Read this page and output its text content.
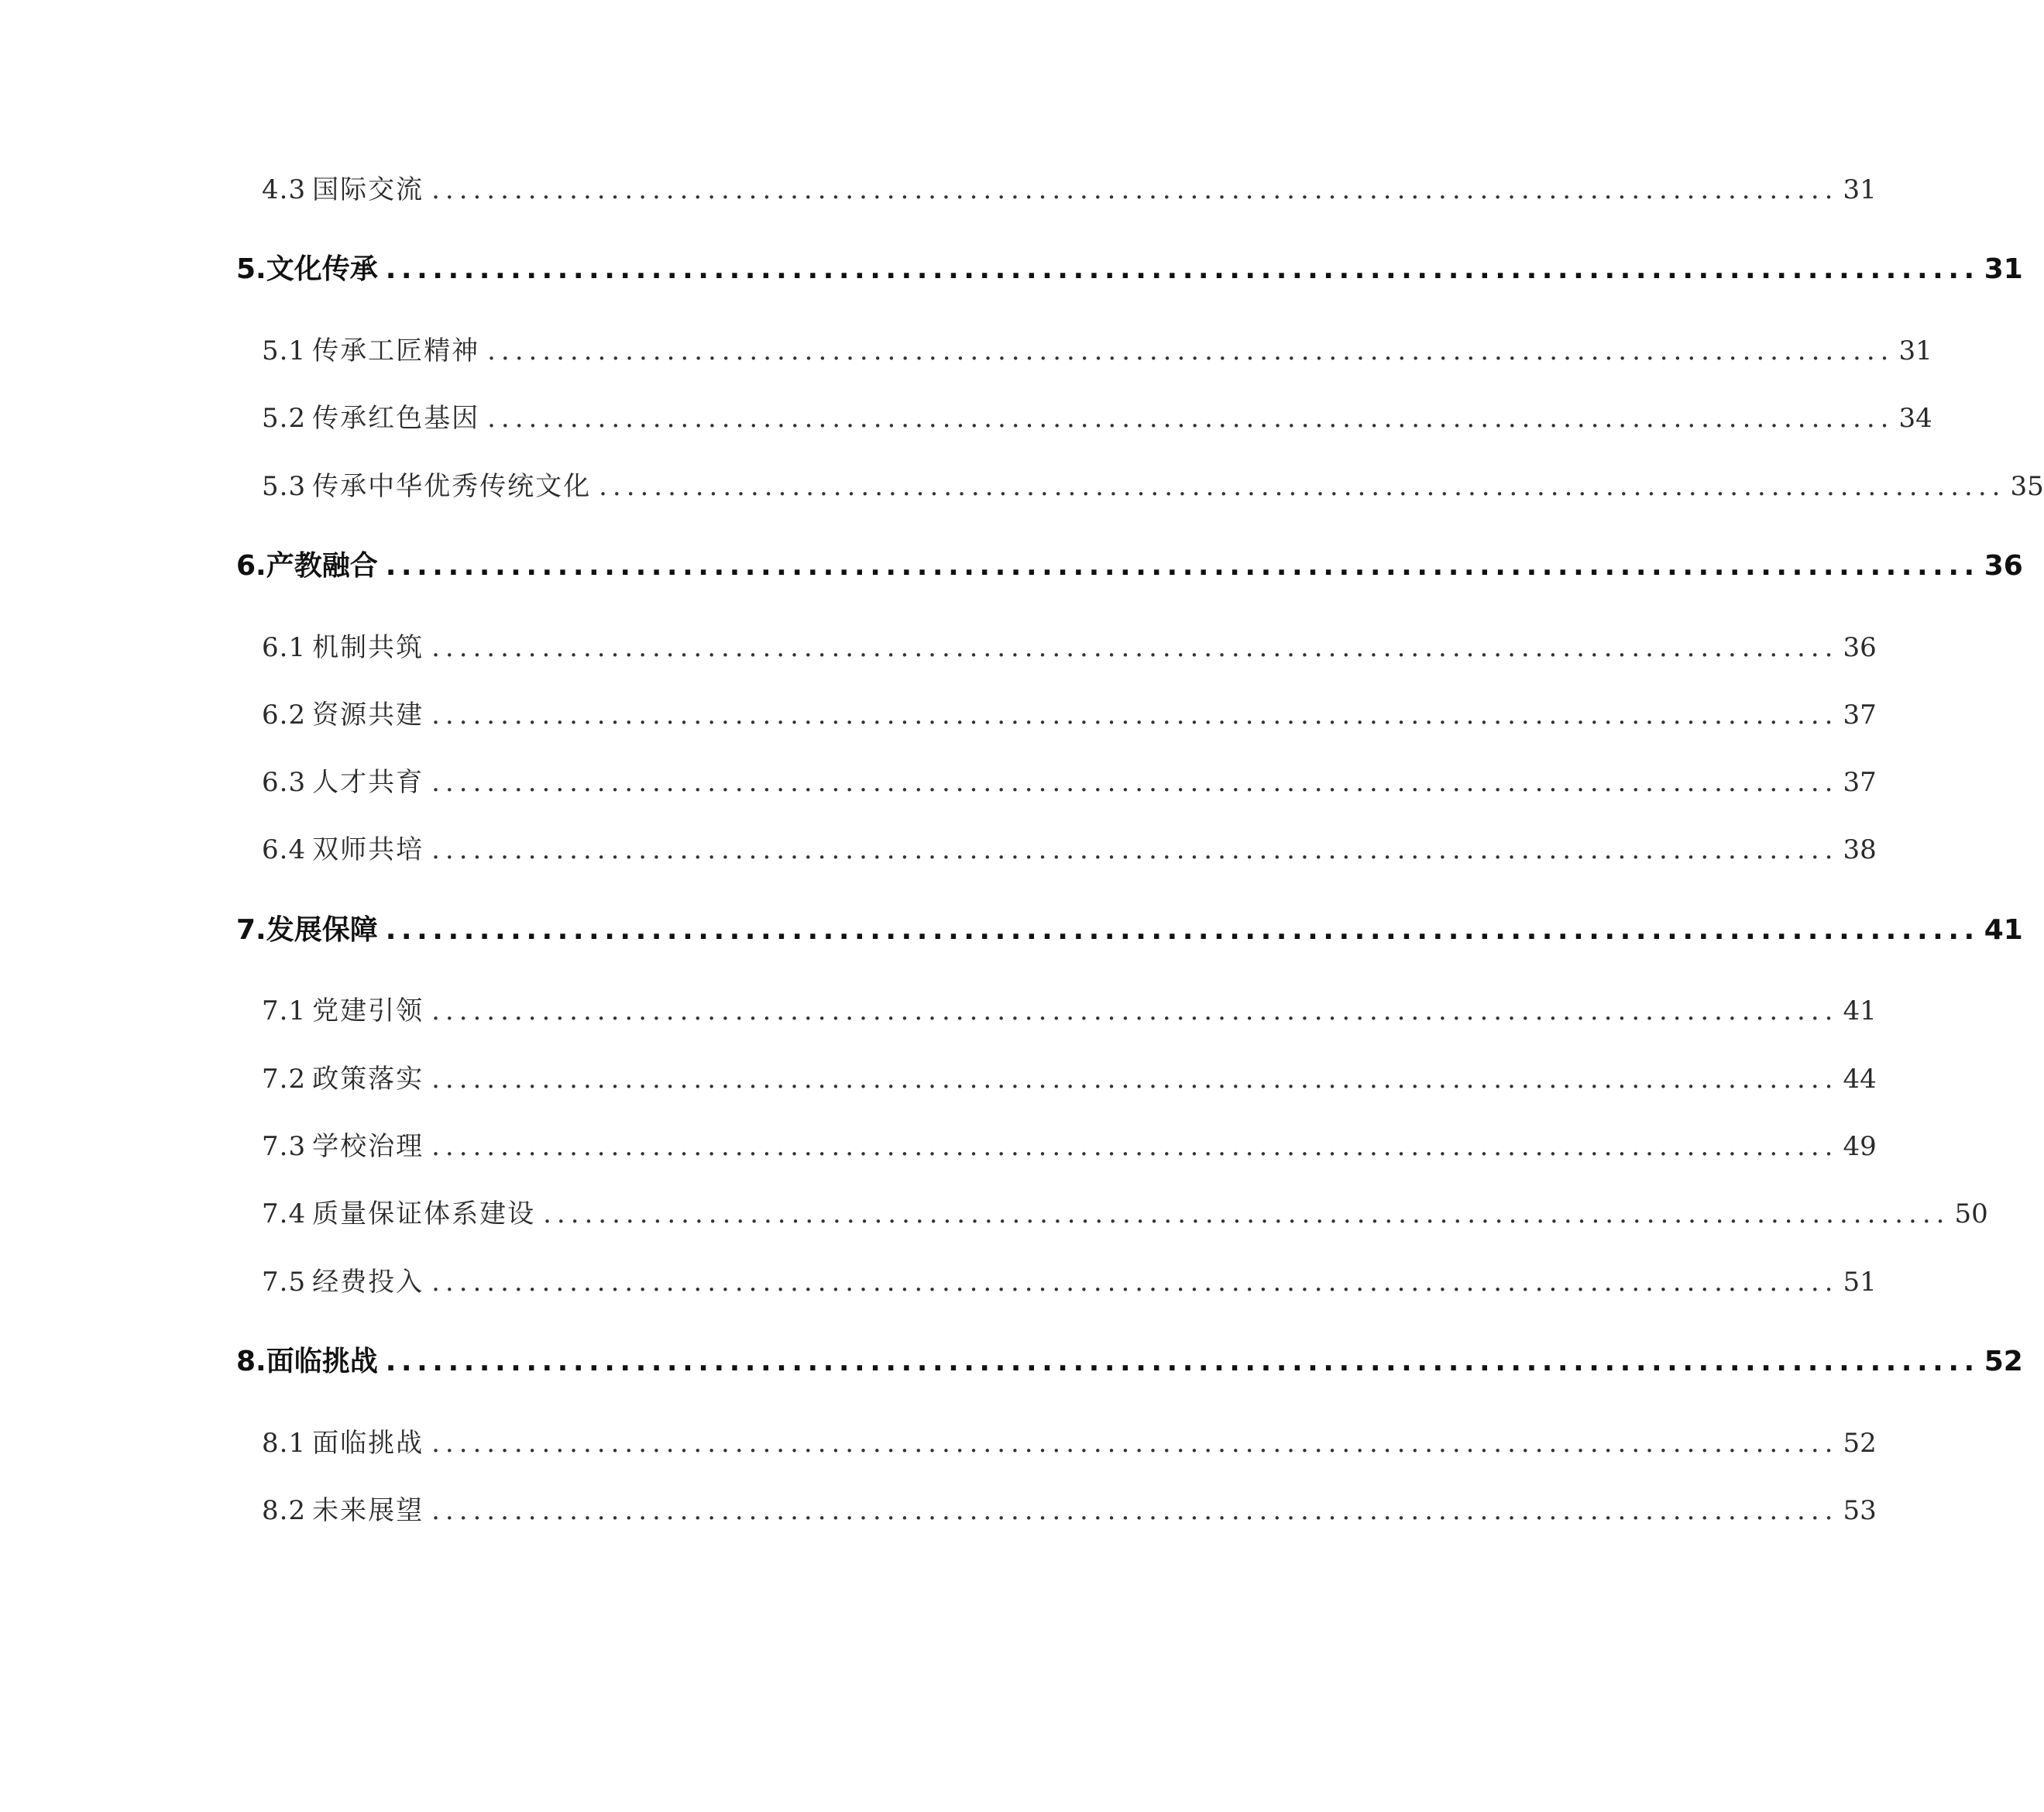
4.3 国际交流 ...................................................................................................... 31
5. 文化传承 ...................................................................................................... 31
5.1 传承工匠精神 ...................................................................................................... 31
5.2 传承红色基因 ...................................................................................................... 34
5.3 传承中华优秀传统文化 ...................................................................................................... 35
6. 产教融合 ...................................................................................................... 36
6.1 机制共筑 ...................................................................................................... 36
6.2 资源共建 ...................................................................................................... 37
6.3 人才共育 ...................................................................................................... 37
6.4 双师共培 ...................................................................................................... 38
7. 发展保障 ...................................................................................................... 41
7.1 党建引领 ...................................................................................................... 41
7.2 政策落实 ...................................................................................................... 44
7.3 学校治理 ...................................................................................................... 49
7.4 质量保证体系建设 ...................................................................................................... 50
7.5 经费投入 ...................................................................................................... 51
8. 面临挑战 ...................................................................................................... 52
8.1 面临挑战 ...................................................................................................... 52
8.2 未来展望 ...................................................................................................... 53
